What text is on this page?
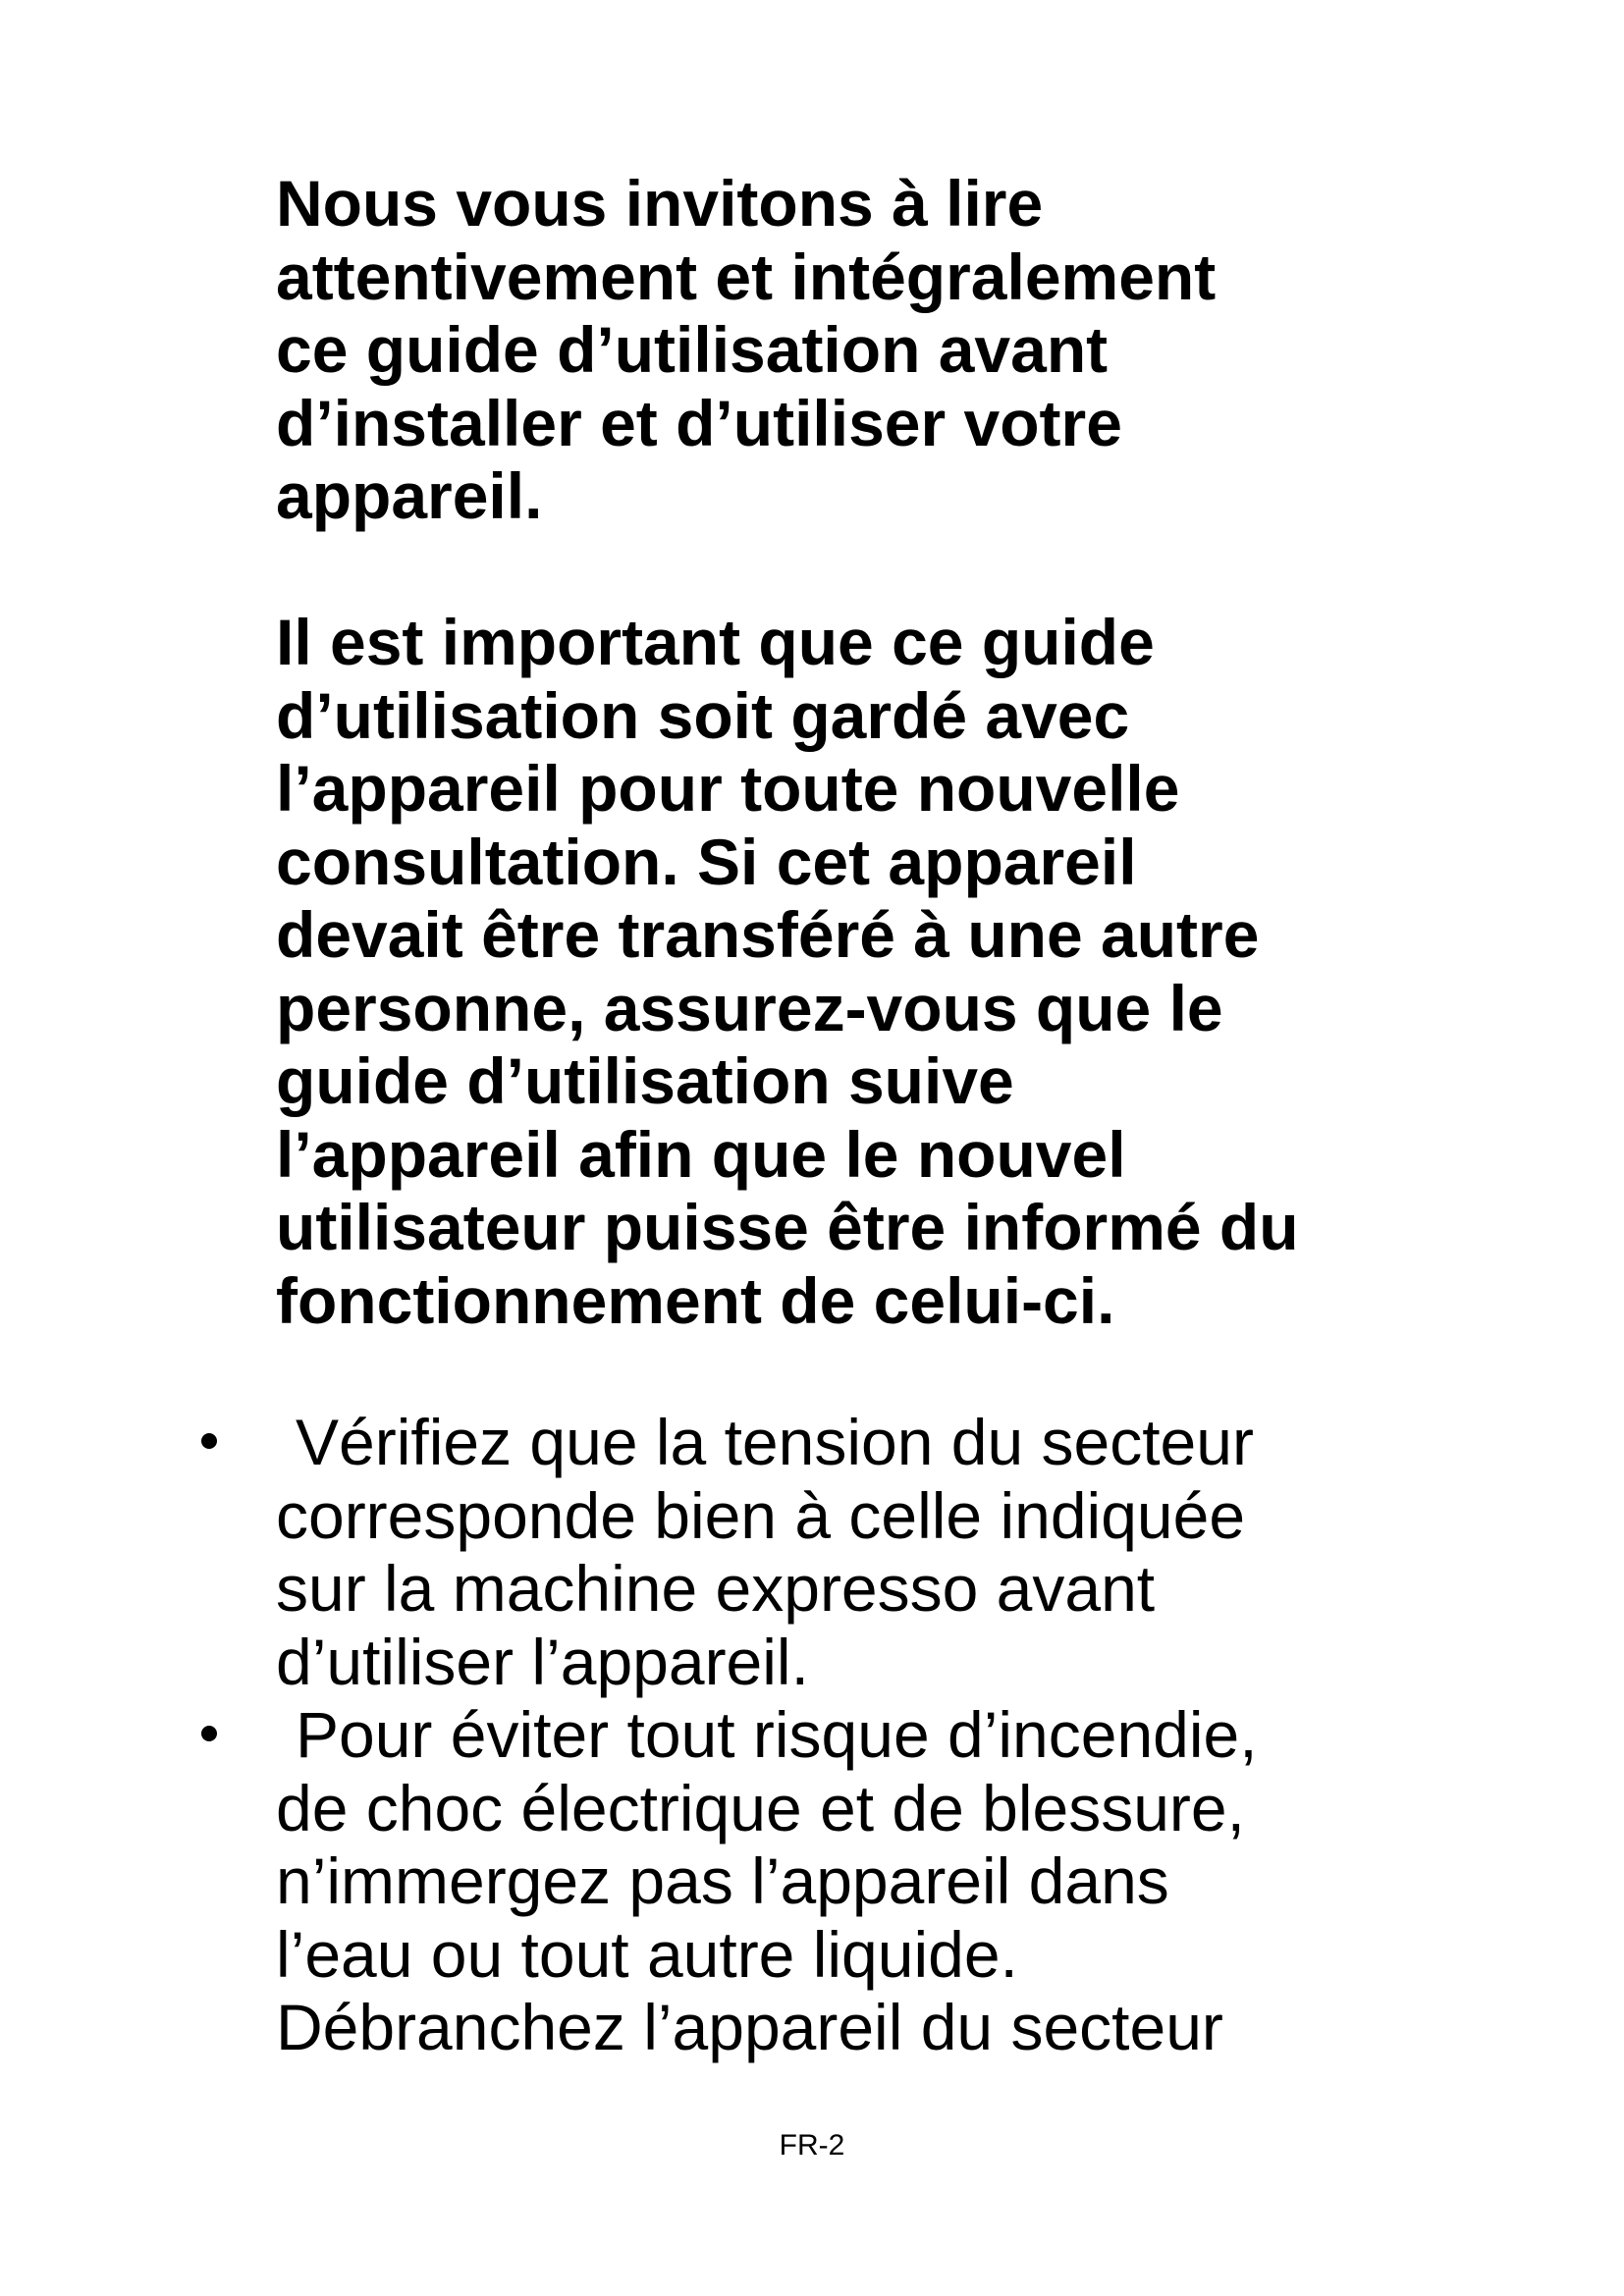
Nous vous invitons à lire
attentivement et intégralement
ce guide d’utilisation avant
d’installer et d’utiliser votre
appareil.

Il est important que ce guide
d’utilisation soit gardé avec
l’appareil pour toute nouvelle
consultation. Si cet appareil
devait être transféré à une autre
personne, assurez-vous que le
guide d’utilisation suive
l’appareil afin que le nouvel
utilisateur puisse être informé du
fonctionnement de celui-ci.

Vérifiez que la tension du secteur
corresponde bien à celle indiquée
sur la machine expresso avant
d’utiliser l’appareil.
Pour éviter tout risque d’incendie,
de choc électrique et de blessure,
n’immergez pas l’appareil dans
l’eau ou tout autre liquide.
Débranchez l’appareil du secteur
FR-2
